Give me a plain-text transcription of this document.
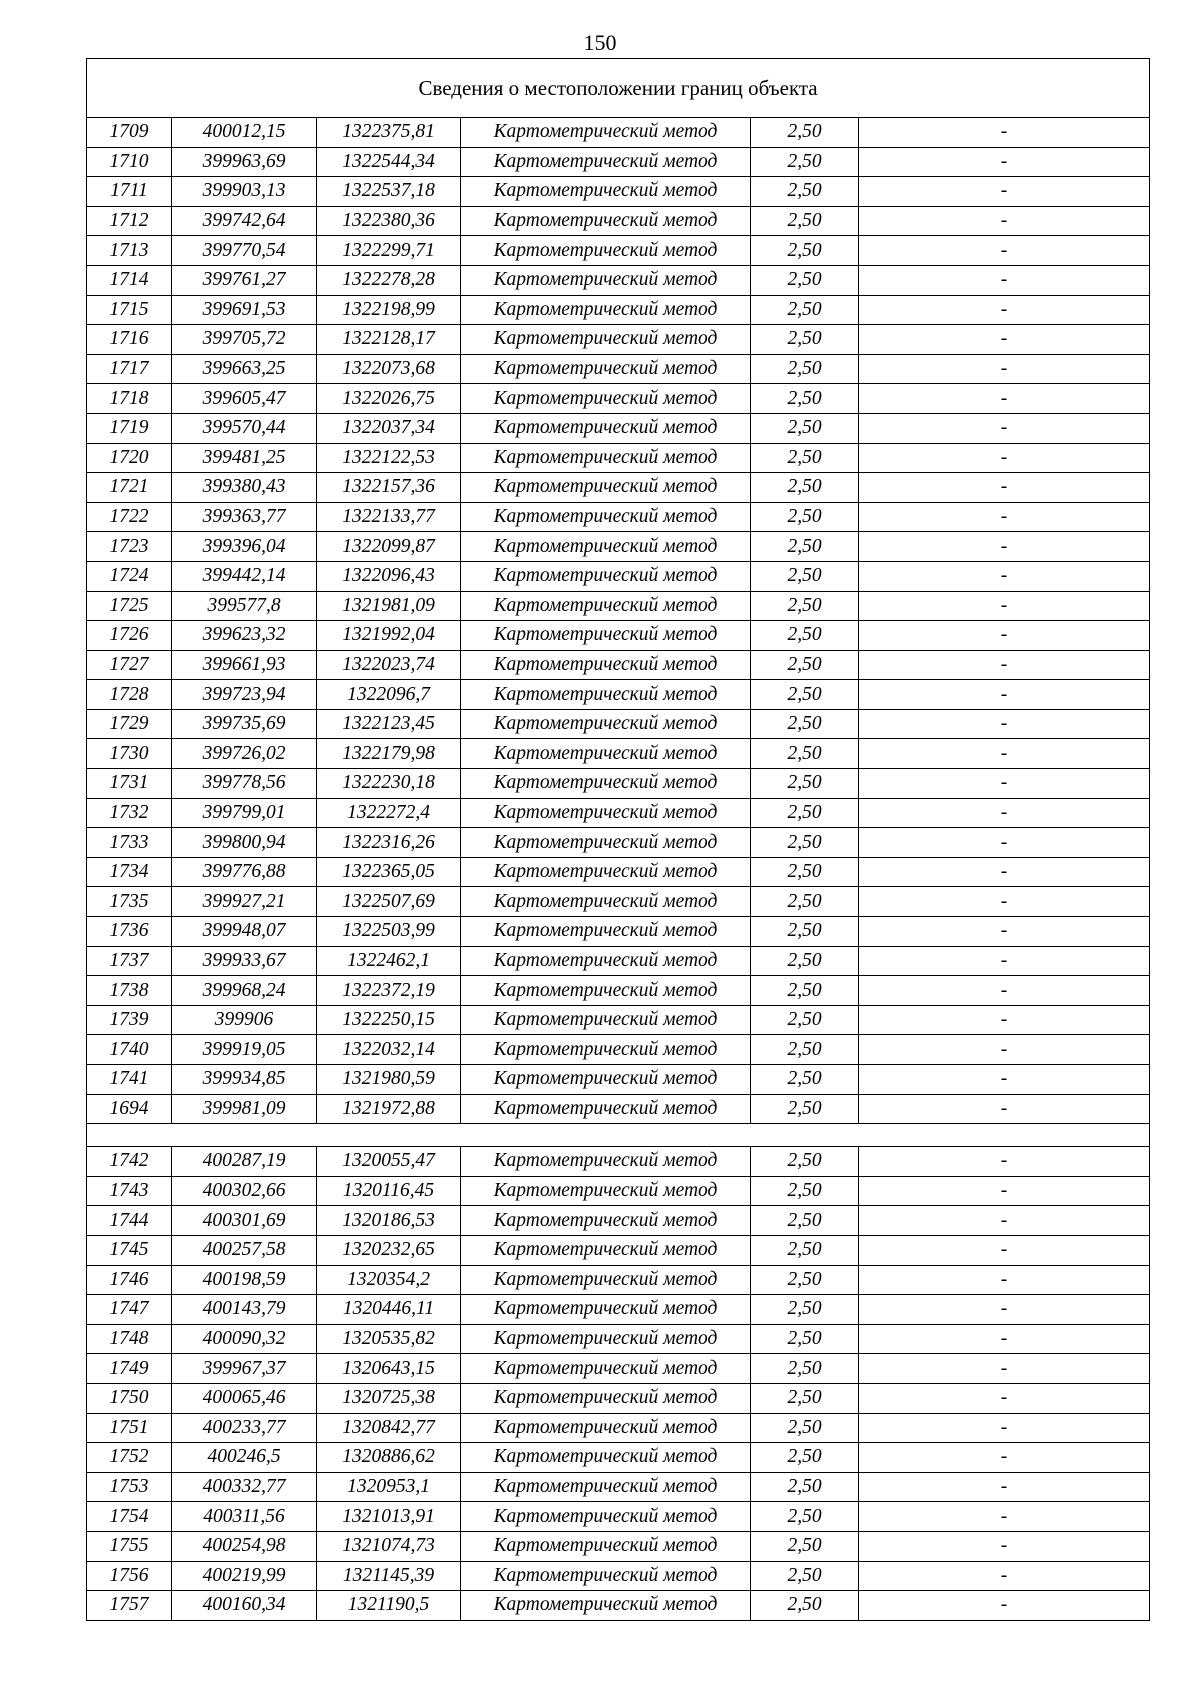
150
Сведения о местоположении границ объекта					
1709	400012,15	1322375,81	Картометрический метод	2,50	-
1710	399963,69	1322544,34	Картометрический метод	2,50	-
1711	399903,13	1322537,18	Картометрический метод	2,50	-
1712	399742,64	1322380,36	Картометрический метод	2,50	-
1713	399770,54	1322299,71	Картометрический метод	2,50	-
1714	399761,27	1322278,28	Картометрический метод	2,50	-
1715	399691,53	1322198,99	Картометрический метод	2,50	-
1716	399705,72	1322128,17	Картометрический метод	2,50	-
1717	399663,25	1322073,68	Картометрический метод	2,50	-
1718	399605,47	1322026,75	Картометрический метод	2,50	-
1719	399570,44	1322037,34	Картометрический метод	2,50	-
1720	399481,25	1322122,53	Картометрический метод	2,50	-
1721	399380,43	1322157,36	Картометрический метод	2,50	-
1722	399363,77	1322133,77	Картометрический метод	2,50	-
1723	399396,04	1322099,87	Картометрический метод	2,50	-
1724	399442,14	1322096,43	Картометрический метод	2,50	-
1725	399577,8	1321981,09	Картометрический метод	2,50	-
1726	399623,32	1321992,04	Картометрический метод	2,50	-
1727	399661,93	1322023,74	Картометрический метод	2,50	-
1728	399723,94	1322096,7	Картометрический метод	2,50	-
1729	399735,69	1322123,45	Картометрический метод	2,50	-
1730	399726,02	1322179,98	Картометрический метод	2,50	-
1731	399778,56	1322230,18	Картометрический метод	2,50	-
1732	399799,01	1322272,4	Картометрический метод	2,50	-
1733	399800,94	1322316,26	Картометрический метод	2,50	-
1734	399776,88	1322365,05	Картометрический метод	2,50	-
1735	399927,21	1322507,69	Картометрический метод	2,50	-
1736	399948,07	1322503,99	Картометрический метод	2,50	-
1737	399933,67	1322462,1	Картометрический метод	2,50	-
1738	399968,24	1322372,19	Картометрический метод	2,50	-
1739	399906	1322250,15	Картометрический метод	2,50	-
1740	399919,05	1322032,14	Картометрический метод	2,50	-
1741	399934,85	1321980,59	Картометрический метод	2,50	-
1694	399981,09	1321972,88	Картометрический метод	2,50	-

1742	400287,19	1320055,47	Картометрический метод	2,50	-
1743	400302,66	1320116,45	Картометрический метод	2,50	-
1744	400301,69	1320186,53	Картометрический метод	2,50	-
1745	400257,58	1320232,65	Картометрический метод	2,50	-
1746	400198,59	1320354,2	Картометрический метод	2,50	-
1747	400143,79	1320446,11	Картометрический метод	2,50	-
1748	400090,32	1320535,82	Картометрический метод	2,50	-
1749	399967,37	1320643,15	Картометрический метод	2,50	-
1750	400065,46	1320725,38	Картометрический метод	2,50	-
1751	400233,77	1320842,77	Картометрический метод	2,50	-
1752	400246,5	1320886,62	Картометрический метод	2,50	-
1753	400332,77	1320953,1	Картометрический метод	2,50	-
1754	400311,56	1321013,91	Картометрический метод	2,50	-
1755	400254,98	1321074,73	Картометрический метод	2,50	-
1756	400219,99	1321145,39	Картометрический метод	2,50	-
1757	400160,34	1321190,5	Картометрический метод	2,50	-
